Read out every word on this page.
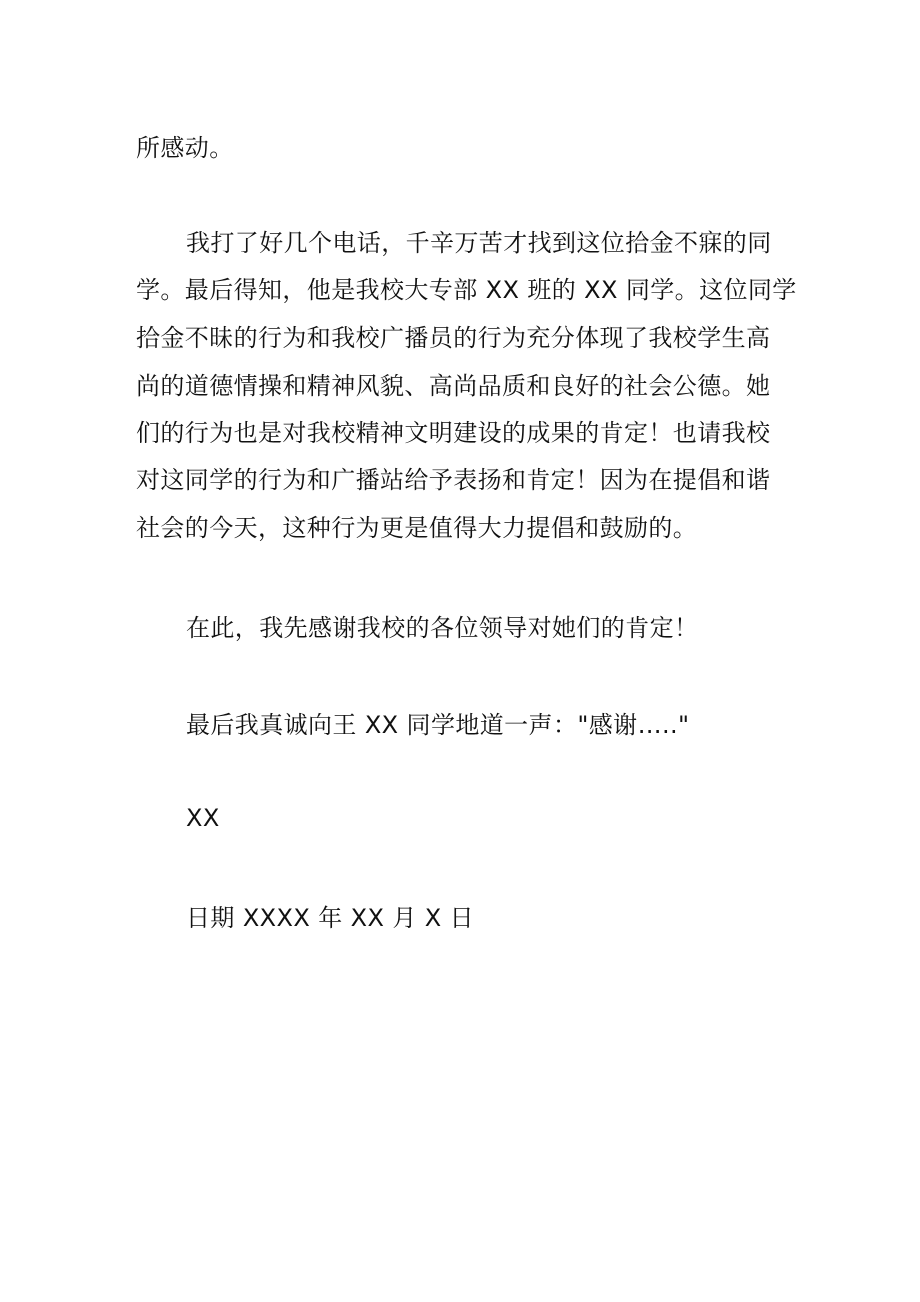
所感动。
我打了好几个电话，千辛万苦才找到这位拾金不寐的同
学。最后得知，他是我校大专部 XX 班的 XX 同学。这位同学
拾金不昧的行为和我校广播员的行为充分体现了我校学生高
尚的道德情操和精神风貌、高尚品质和良好的社会公德。她
们的行为也是对我校精神文明建设的成果的肯定！也请我校
对这同学的行为和广播站给予表扬和肯定！因为在提倡和谐
社会的今天，这种行为更是值得大力提倡和鼓励的。
在此，我先感谢我校的各位领导对她们的肯定！
最后我真诚向王 XX 同学地道一声："感谢….."
XX
日期 XXXX 年 XX 月 X 日
